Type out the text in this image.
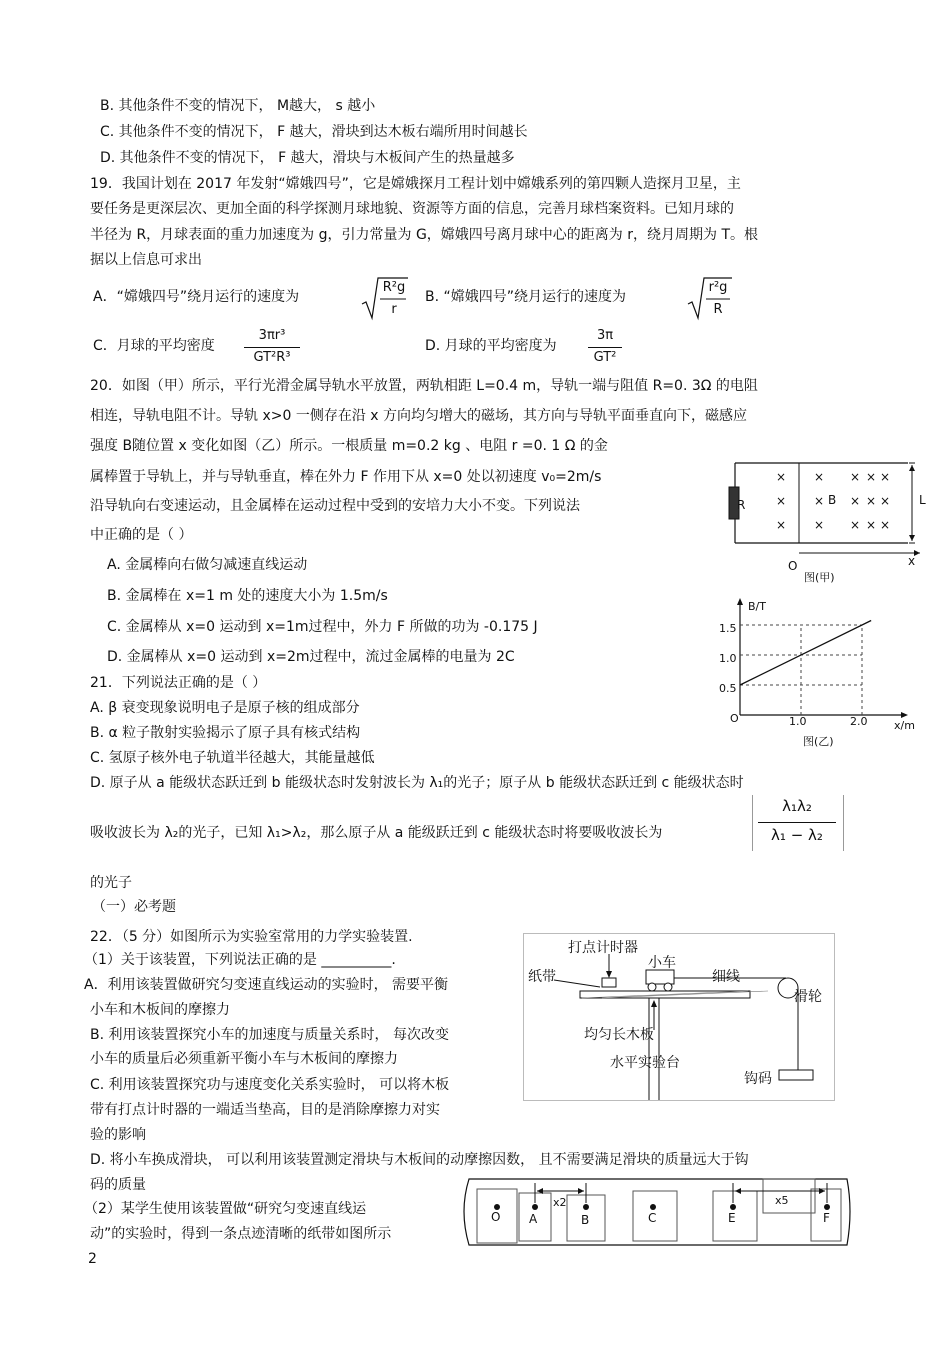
B. 其他条件不变的情况下， M越大， s 越小
C. 其他条件不变的情况下， F 越大，滑块到达木板右端所用时间越长
D. 其他条件不变的情况下， F 越大，滑块与木板间产生的热量越多
19．我国计划在 2017 年发射“嫦娥四号”，它是嫦娥探月工程计划中嫦娥系列的第四颗人造探月卫星，主
要任务是更深层次、更加全面的科学探测月球地貌、资源等方面的信息，完善月球档案资料。已知月球的
半径为 R，月球表面的重力加速度为 g，引力常量为 G，嫦娥四号离月球中心的距离为 r，绕月周期为 T。根
据以上信息可求出
A．“嫦娥四号”绕月运行的速度为
R²g
r
B. “嫦娥四号”绕月运行的速度为
r²g
R
C．月球的平均密度
3πr³
GT²R³
D. 月球的平均密度为
3π
GT²
20．如图（甲）所示，平行光滑金属导轨水平放置，两轨相距 L=0.4 m，导轨一端与阻值 R=0. 3Ω 的电阻
相连，导轨电阻不计。导轨 x>0 一侧存在沿 x 方向均匀增大的磁场，其方向与导轨平面垂直向下，磁感应
强度 B随位置 x 变化如图（乙）所示。一根质量 m=0.2 kg 、电阻 r =0. 1 Ω 的金
属棒置于导轨上，并与导轨垂直，棒在外力 F 作用下从 x=0 处以初速度 v₀=2m/s
沿导轨向右变速运动，且金属棒在运动过程中受到的安培力大小不变。下列说法
中正确的是（ ）
A. 金属棒向右做匀减速直线运动
B. 金属棒在 x=1 m 处的速度大小为 1.5m/s
C. 金属棒从 x=0 运动到 x=1m过程中，外力 F 所做的功为 -0.175 J
D. 金属棒从 x=0 运动到 x=2m过程中，流过金属棒的电量为 2C
R	B	L
O	x
图(甲)
×
×
×
×
×
×
×
×
×
×
×
×
×
×
×
B/T
x/m
O
1.5
1.0
0.5
1.0	2.0
图(乙)
21．下列说法正确的是（ ）
A. β 衰变现象说明电子是原子核的组成部分
B. α 粒子散射实验揭示了原子具有核式结构
C. 氢原子核外电子轨道半径越大，其能量越低
D. 原子从 a 能级状态跃迁到 b 能级状态时发射波长为 λ₁的光子；原子从 b 能级状态跃迁到 c 能级状态时
吸收波长为 λ₂的光子，已知 λ₁>λ₂，那么原子从 a 能级跃迁到 c 能级状态时将要吸收波长为
λ₁λ₂
λ₁ − λ₂
的光子
（一）必考题
22．（5 分）如图所示为实验室常用的力学实验装置.
（1）关于该装置，下列说法正确的是 __________.
A．利用该装置做研究匀变速直线运动的实验时， 需要平衡
小车和木板间的摩擦力
B. 利用该装置探究小车的加速度与质量关系时， 每次改变
小车的质量后必须重新平衡小车与木板间的摩擦力
C. 利用该装置探究功与速度变化关系实验时， 可以将木板
带有打点计时器的一端适当垫高，目的是消除摩擦力对实
验的影响
D. 将小车换成滑块， 可以利用该装置测定滑块与木板间的动摩擦因数， 且不需要满足滑块的质量远大于钩
码的质量
（2）某学生使用该装置做“研究匀变速直线运
动”的实验时，得到一条点迹清晰的纸带如图所示
打点计时器
小车
纸带	细线
滑轮
均匀长木板
水平实验台
钩码
O A	B	C	E	F
x2	x5
2
